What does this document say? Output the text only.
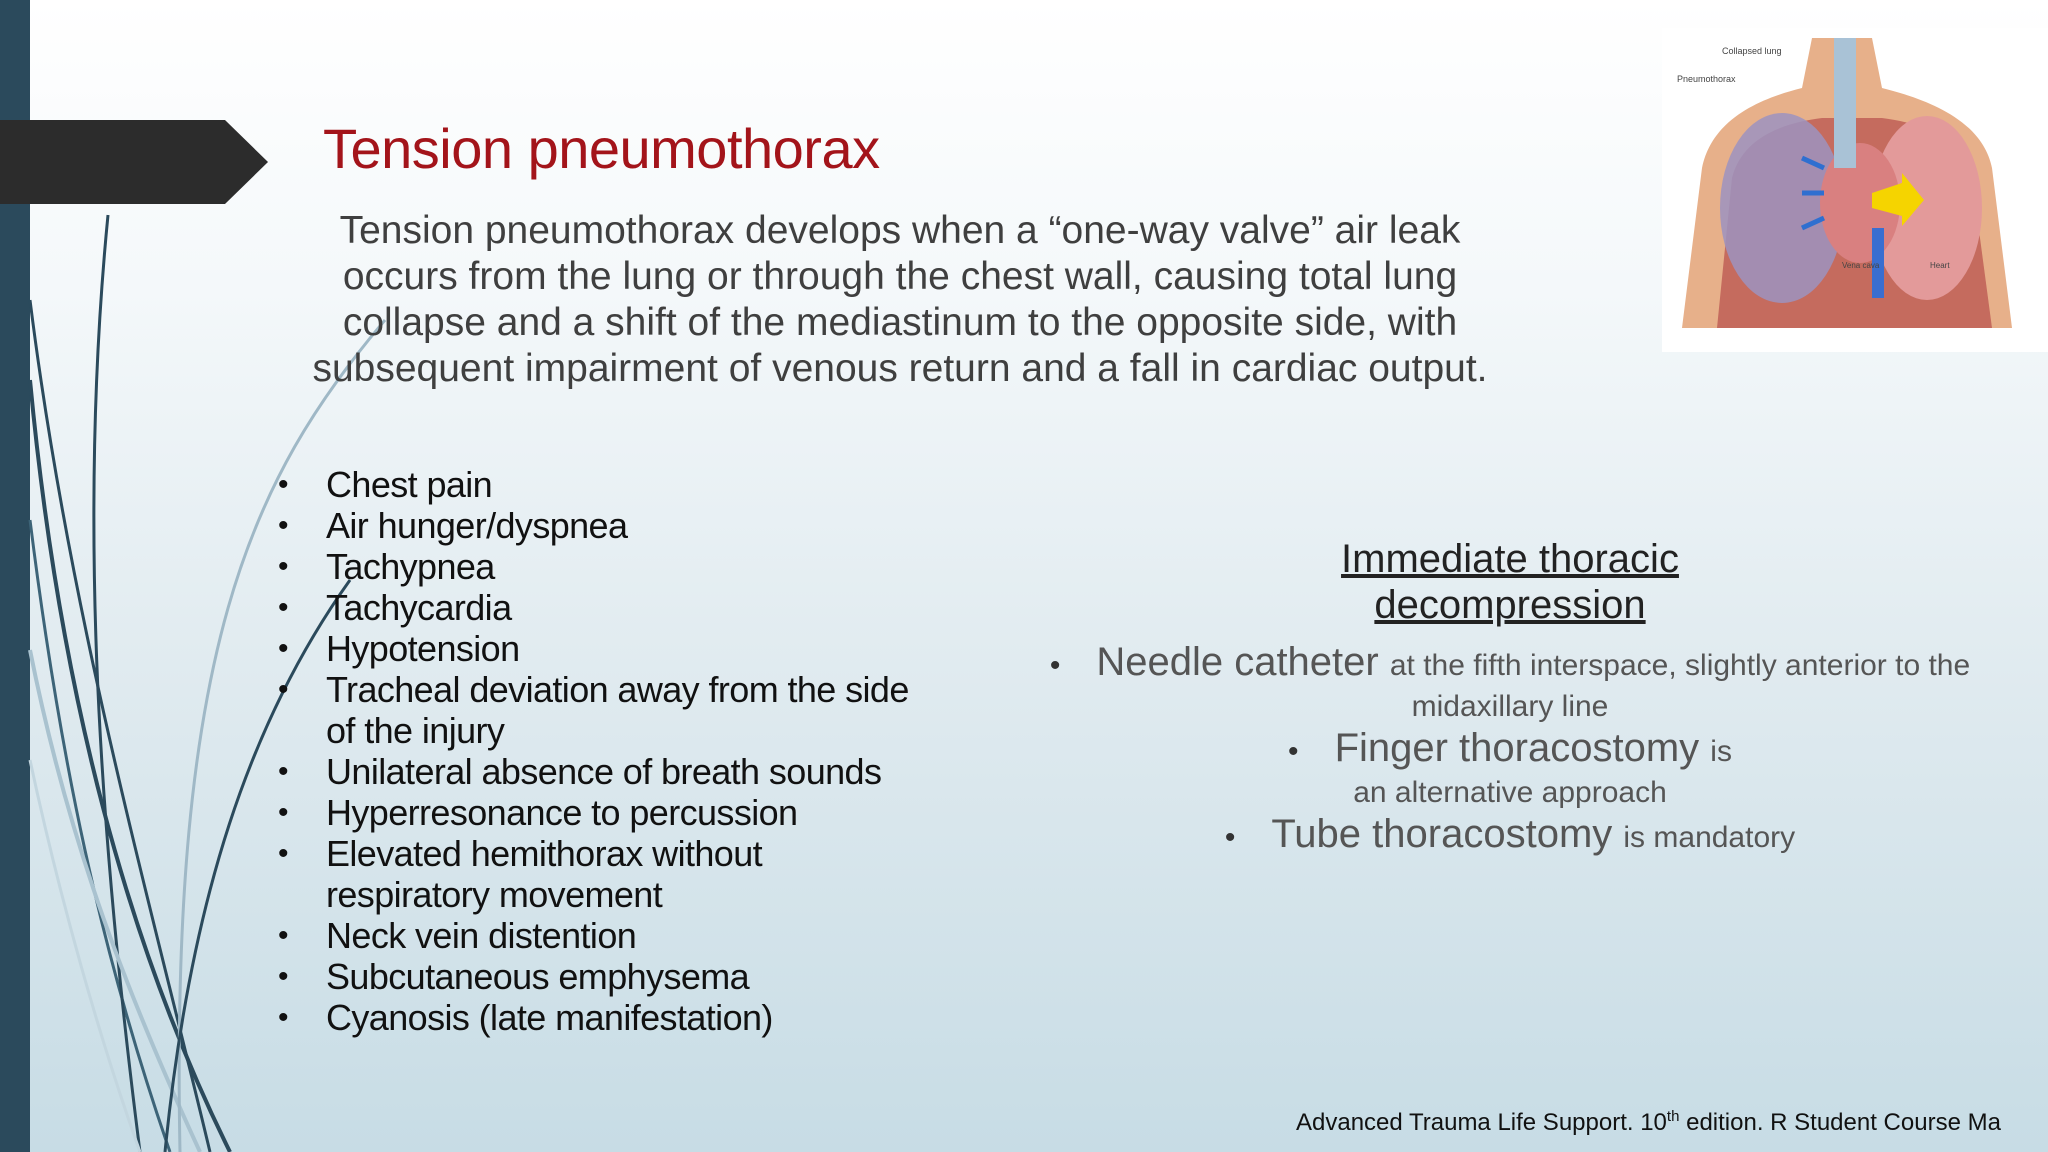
Tension pneumothorax
Tension pneumothorax develops when a “one-way valve” air leak occurs from the lung or through the chest wall, causing total lung collapse and a shift of the mediastinum to the opposite side, with subsequent impairment of venous return and a fall in cardiac output.
• Chest pain
• Air hunger/dyspnea
• Tachypnea
• Tachycardia
• Hypotension
• Tracheal deviation away from the side of the injury
• Unilateral absence of breath sounds
• Hyperresonance to percussion
• Elevated hemithorax without respiratory movement
• Neck vein distention
• Subcutaneous emphysema
• Cyanosis (late manifestation)
Immediate thoracic
decompression
• Needle catheter at the fifth interspace, slightly anterior to the
midaxillary line
• Finger thoracostomy is
an alternative approach
• Tube thoracostomy is mandatory
Collapsed lung
Pneumothorax
Vena cava	Heart
Advanced Trauma Life Support. 10th edition. R Student Course Ma
